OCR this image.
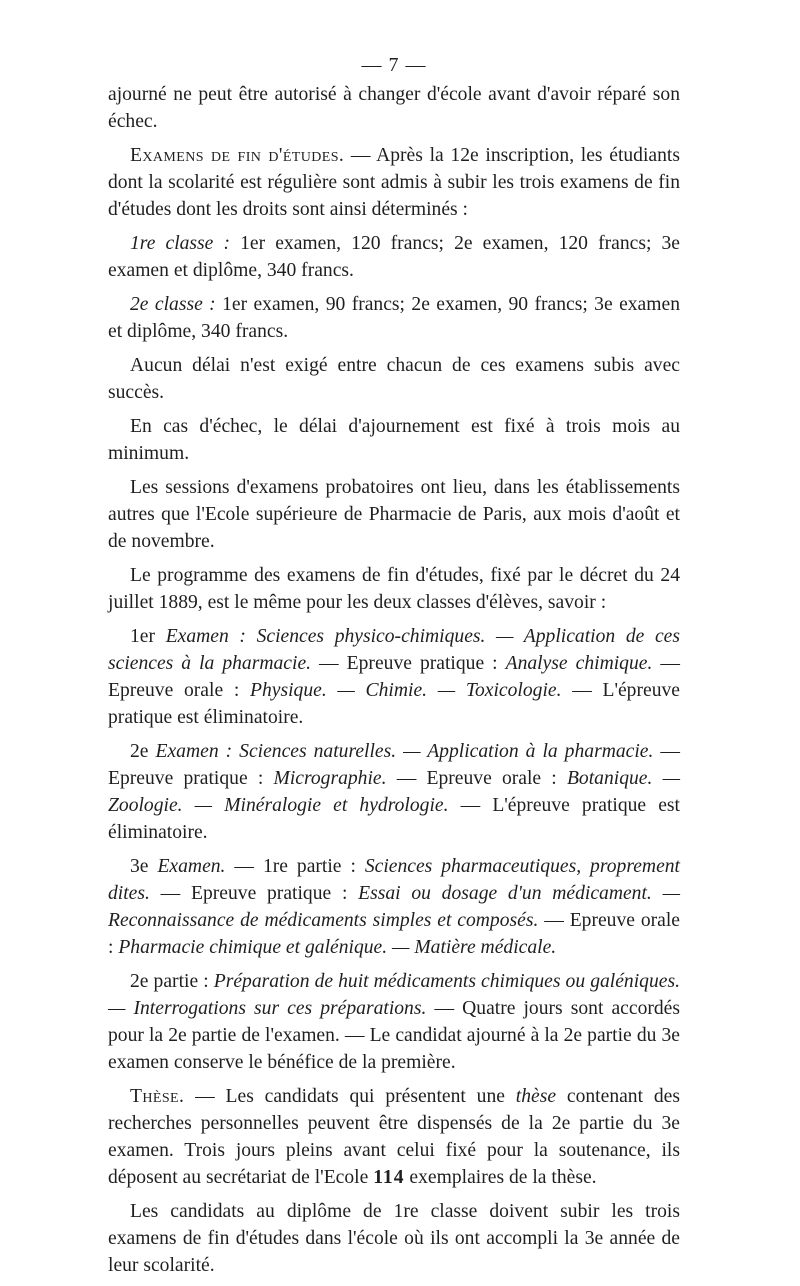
— 7 —

ajourné ne peut être autorisé à changer d'école avant d'avoir réparé son échec.

Examens de fin d'études. — Après la 12e inscription, les étudiants dont la scolarité est régulière sont admis à subir les trois examens de fin d'études dont les droits sont ainsi déterminés :

1re classe : 1er examen, 120 francs; 2e examen, 120 francs; 3e examen et diplôme, 340 francs.

2e classe : 1er examen, 90 francs; 2e examen, 90 francs; 3e examen et diplôme, 340 francs.

Aucun délai n'est exigé entre chacun de ces examens subis avec succès.

En cas d'échec, le délai d'ajournement est fixé à trois mois au minimum.

Les sessions d'examens probatoires ont lieu, dans les établissements autres que l'Ecole supérieure de Pharmacie de Paris, aux mois d'août et de novembre.

Le programme des examens de fin d'études, fixé par le décret du 24 juillet 1889, est le même pour les deux classes d'élèves, savoir :

1er Examen : Sciences physico-chimiques. — Application de ces sciences à la pharmacie. — Epreuve pratique : Analyse chimique. — Epreuve orale : Physique. — Chimie. — Toxicologie. — L'épreuve pratique est éliminatoire.

2e Examen : Sciences naturelles. — Application à la pharmacie. — Epreuve pratique : Micrographie. — Epreuve orale : Botanique. — Zoologie. — Minéralogie et hydrologie. — L'épreuve pratique est éliminatoire.

3e Examen. — 1re partie : Sciences pharmaceutiques, proprement dites. — Epreuve pratique : Essai ou dosage d'un médicament. — Reconnaissance de médicaments simples et composés. — Epreuve orale : Pharmacie chimique et galénique. — Matière médicale.

2e partie : Préparation de huit médicaments chimiques ou galéniques. — Interrogations sur ces préparations. — Quatre jours sont accordés pour la 2e partie de l'examen. — Le candidat ajourné à la 2e partie du 3e examen conserve le bénéfice de la première.

Thèse. — Les candidats qui présentent une thèse contenant des recherches personnelles peuvent être dispensés de la 2e partie du 3e examen. Trois jours pleins avant celui fixé pour la soutenance, ils déposent au secrétariat de l'Ecole 114 exemplaires de la thèse.

Les candidats au diplôme de 1re classe doivent subir les trois examens de fin d'études dans l'école où ils ont accompli la 3e année de leur scolarité.
